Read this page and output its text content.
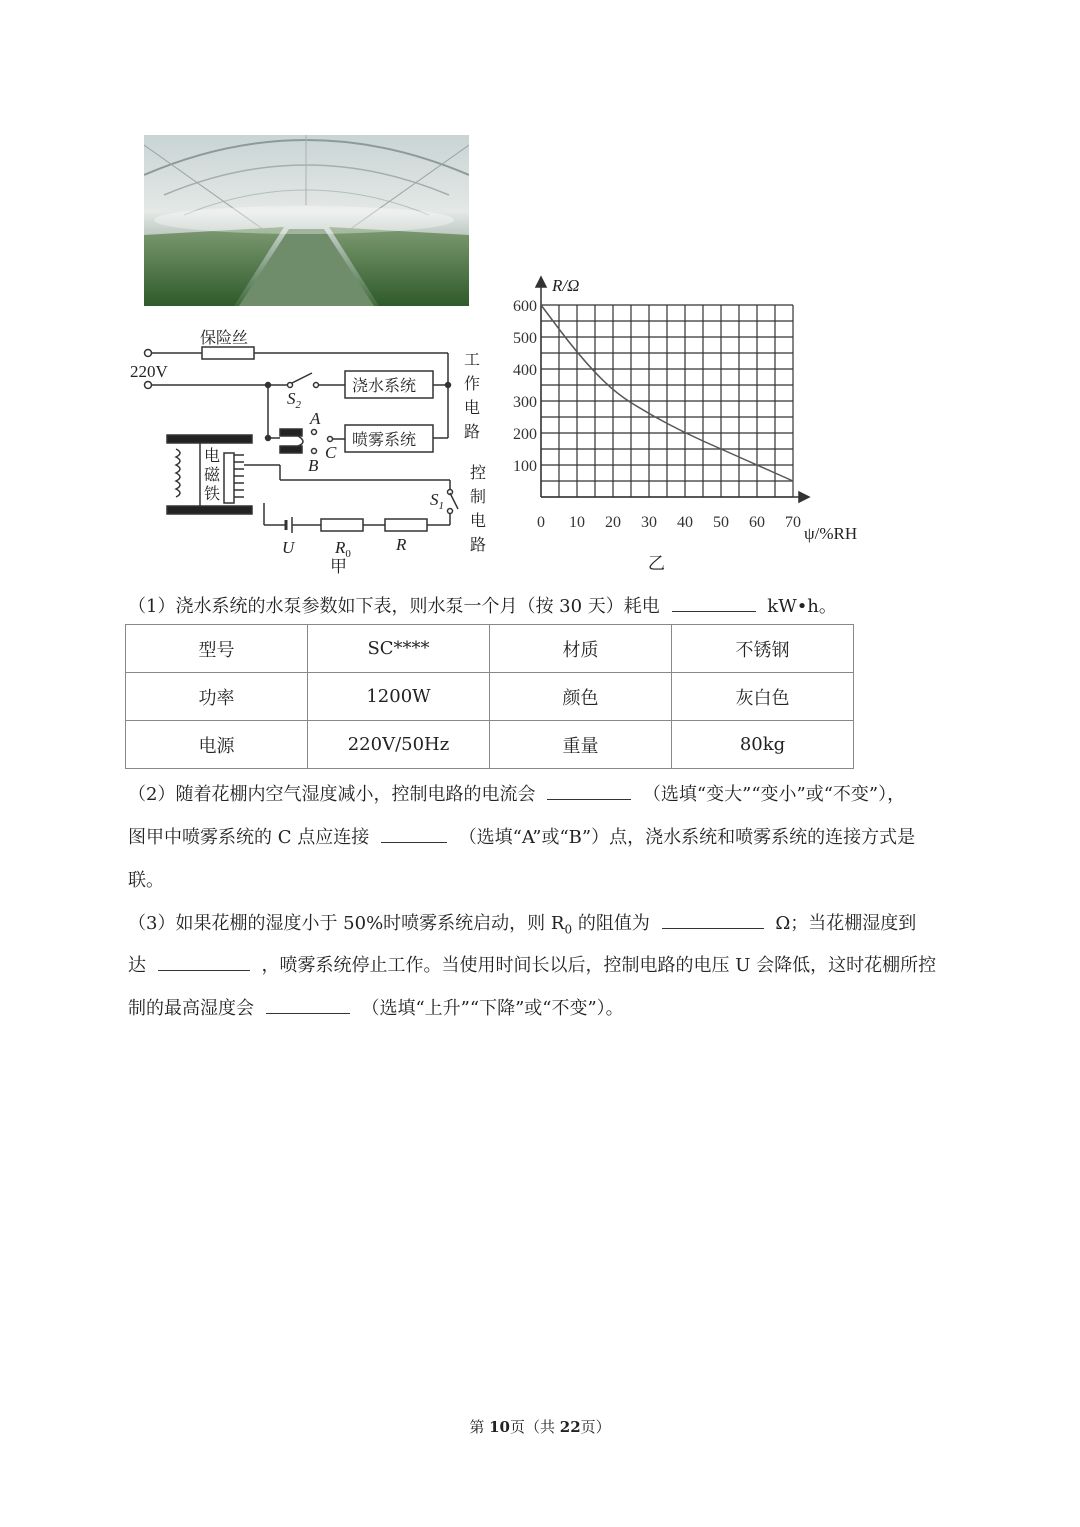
保险丝
220V
$S_2$
浇水系统
喷雾系统
A
B
C
电
磁
铁
工
作
电
路
控
制
电
路
$S_1$
U $R_0$	R
甲
0 10 20 30 40 50 60 70
100
200
300
400
500
600
R/Ω
ψ/%RH
乙
（1）浇水系统的水泵参数如下表，则水泵一个月（按 30 天）耗电	kW•h。
型号	SC****	材质	不锈钢
功率	1200W	颜色	灰白色
电源	220V/50Hz	重量	80kg
（2）随着花棚内空气湿度减小，控制电路的电流会	（选填“变大”“变小”或“不变”），
图甲中喷雾系统的 C 点应连接	（选填“A”或“B”）点，浇水系统和喷雾系统的连接方式是
联。
（3）如果花棚的湿度小于 50%时喷雾系统启动，则 $R_0$ 的阻值为	Ω；当花棚湿度到
达	，喷雾系统停止工作。当使用时间长以后，控制电路的电压 U 会降低，这时花棚所控
制的最高湿度会	（选填“上升”“下降”或“不变”）。
第 10页（共 22页）
